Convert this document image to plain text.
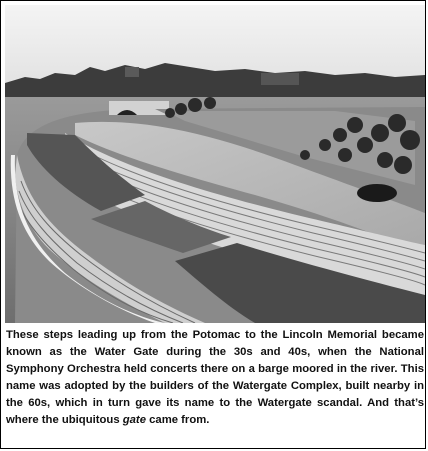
These steps leading up from the Potomac to the Lincoln Memorial became known as the Water Gate during the 30s and 40s, when the National Symphony Orchestra held concerts there on a barge moored in the river. This name was adopted by the builders of the Watergate Complex, built nearby in the 60s, which in turn gave its name to the Watergate scandal. And that’s where the ubiquitous gate came from.
